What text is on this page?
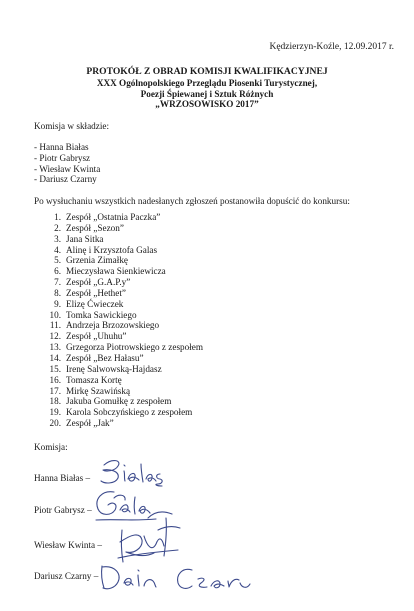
Kędzierzyn-Koźle, 12.09.2017 r.
PROTOKÓŁ Z OBRAD KOMISJI KWALIFIKACYJNEJ
XXX Ogólnopolskiego Przeglądu Piosenki Turystycznej,
Poezji Śpiewanej i Sztuk Różnych
„WRZOSOWISKO 2017”
Komisja w składzie:
- Hanna Białas
- Piotr Gabrysz
- Wiesław Kwinta
- Dariusz Czarny
Po wysłuchaniu wszystkich nadesłanych zgłoszeń postanowiła dopuścić do konkursu:
1. Zespół „Ostatnia Paczka”
2. Zespół „Sezon”
3. Jana Sitka
4. Alinę i Krzysztofa Galas
5. Grzenia Zimałkę
6. Mieczysława Sienkiewicza
7. Zespół „G.A.P.y”
8. Zespół „Hethet”
9. Elizę Ćwieczek
10. Tomka Sawickiego
11. Andrzeja Brzozowskiego
12. Zespół „Uhuhu”
13. Grzegorza Piotrowskiego z zespołem
14. Zespół „Bez Hałasu”
15. Irenę Salwowską-Hajdasz
16. Tomasza Kortę
17. Mirkę Szawińską
18. Jakuba Gomułkę z zespołem
19. Karola Sobczyńskiego z zespołem
20. Zespół „Jak”
Komisja:
Hanna Białas –
Piotr Gabrysz –
Wiesław Kwinta –
Dariusz Czarny –
